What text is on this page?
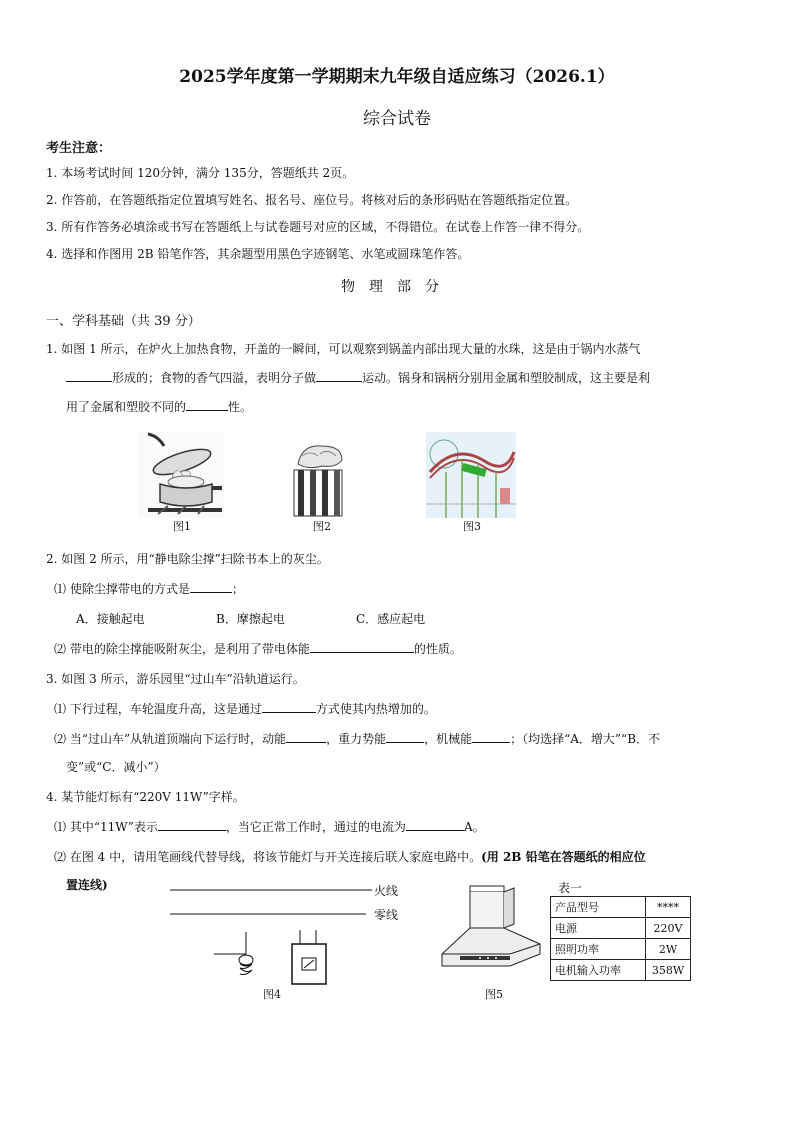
2025学年度第一学期期末九年级自适应练习（2026.1）
综合试卷
考生注意：
1. 本场考试时间 120分钟，满分 135分，答题纸共 2页。
2. 作答前，在答题纸指定位置填写姓名、报名号、座位号。将核对后的条形码贴在答题纸指定位置。
3. 所有作答务必填涂或书写在答题纸上与试卷题号对应的区域，不得错位。在试卷上作答一律不得分。
4. 选择和作图用 2B 铅笔作答，其余题型用黑色字迹钢笔、水笔或圆珠笔作答。
物理部分
一、学科基础（共 39 分）
1. 如图 1 所示，在炉火上加热食物，开盖的一瞬间，可以观察到锅盖内部出现大量的水珠，这是由于锅内水蒸气
形成的；食物的香气四溢，表明分子做	运动。锅身和锅柄分别用金属和塑胶制成，这主要是利
用了金属和塑胶不同的	性。
图1	图2	图3
2. 如图 2 所示，用“静电除尘撑”扫除书本上的灰尘。
⑴ 使除尘撑带电的方式是	；
A．接触起电	B．摩擦起电	C．感应起电
⑵ 带电的除尘撑能吸附灰尘，是利用了带电体能	的性质。
3. 如图 3 所示，游乐园里“过山车”沿轨道运行。
⑴ 下行过程，车轮温度升高，这是通过	方式使其内热增加的。
⑵ 当“过山车”从轨道顶端向下运行时，动能	，重力势能	，机械能	；（均选择“A．增大”“B．不
变”或“C．减小”）
4. 某节能灯标有“220V 11W”字样。
⑴ 其中“11W”表示	，当它正常工作时，通过的电流为	A。
⑵ 在图 4 中，请用笔画线代替导线，将该节能灯与开关连接后联人家庭电路中。(用 2B 铅笔在答题纸的相应位
置连线)	火线
零线
图4	图5
表一
产品型号	****
电源	220V
照明功率	2W
电机输入功率	358W
